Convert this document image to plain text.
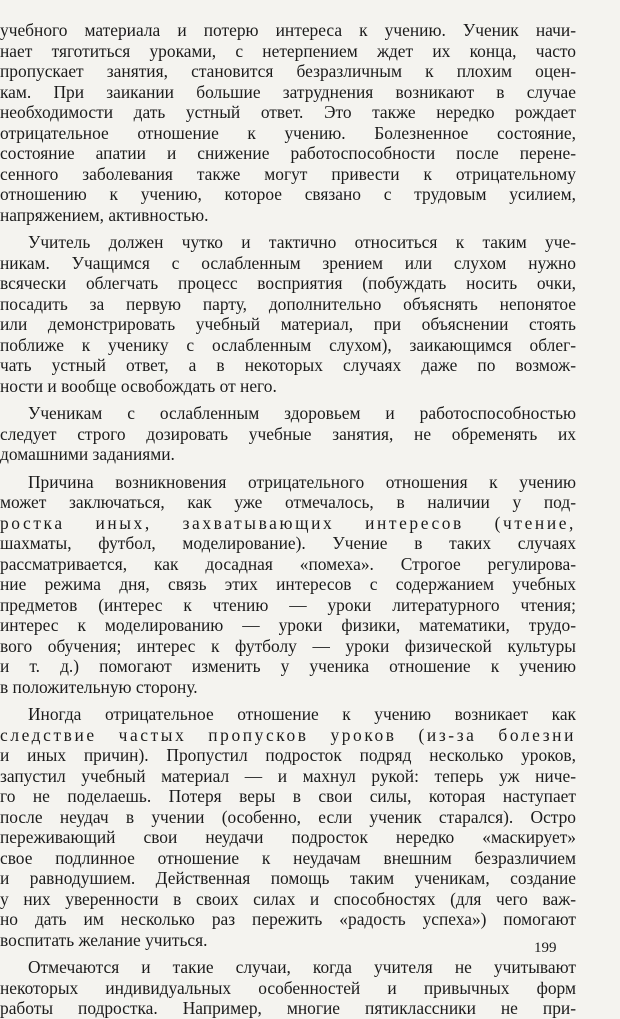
учебного материала и потерю интереса к учению. Ученик начи-
нает тяготиться уроками, с нетерпением ждет их конца, часто
пропускает занятия, становится безразличным к плохим оцен-
кам. При заикании большие затруднения возникают в случае
необходимости дать устный ответ. Это также нередко рождает
отрицательное отношение к учению. Болезненное состояние,
состояние апатии и снижение работоспособности после перене-
сенного заболевания также могут привести к отрицательному
отношению к учению, которое связано с трудовым усилием,
напряжением, активностью.
Учитель должен чутко и тактично относиться к таким уче-
никам. Учащимся с ослабленным зрением или слухом нужно
всячески облегчать процесс восприятия (побуждать носить очки,
посадить за первую парту, дополнительно объяснять непонятое
или демонстрировать учебный материал, при объяснении стоять
поближе к ученику с ослабленным слухом), заикающимся облег-
чать устный ответ, а в некоторых случаях даже по возмож-
ности и вообще освобождать от него.
Ученикам с ослабленным здоровьем и работоспособностью
следует строго дозировать учебные занятия, не обременять их
домашними заданиями.
Причина возникновения отрицательного отношения к учению
может заключаться, как уже отмечалось, в наличии у под-
ростка иных, захватывающих интересов (чтение,
шахматы, футбол, моделирование). Учение в таких случаях
рассматривается, как досадная «помеха». Строгое регулирова-
ние режима дня, связь этих интересов с содержанием учебных
предметов (интерес к чтению — уроки литературного чтения;
интерес к моделированию — уроки физики, математики, трудо-
вого обучения; интерес к футболу — уроки физической культуры
и т. д.) помогают изменить у ученика отношение к учению
в положительную сторону.
Иногда отрицательное отношение к учению возникает как
следствие частых пропусков уроков (из-за болезни
и иных причин). Пропустил подросток подряд несколько уроков,
запустил учебный материал — и махнул рукой: теперь уж ниче-
го не поделаешь. Потеря веры в свои силы, которая наступает
после неудач в учении (особенно, если ученик старался). Остро
переживающий свои неудачи подросток нередко «маскирует»
свое подлинное отношение к неудачам внешним безразличием
и равнодушием. Действенная помощь таким ученикам, создание
у них уверенности в своих силах и способностях (для чего важ-
но дать им несколько раз пережить «радость успеха») помогают
воспитать желание учиться.
Отмечаются и такие случаи, когда учителя не учитывают
некоторых индивидуальных особенностей и привычных форм
работы подростка. Например, многие пятиклассники не при-
199
